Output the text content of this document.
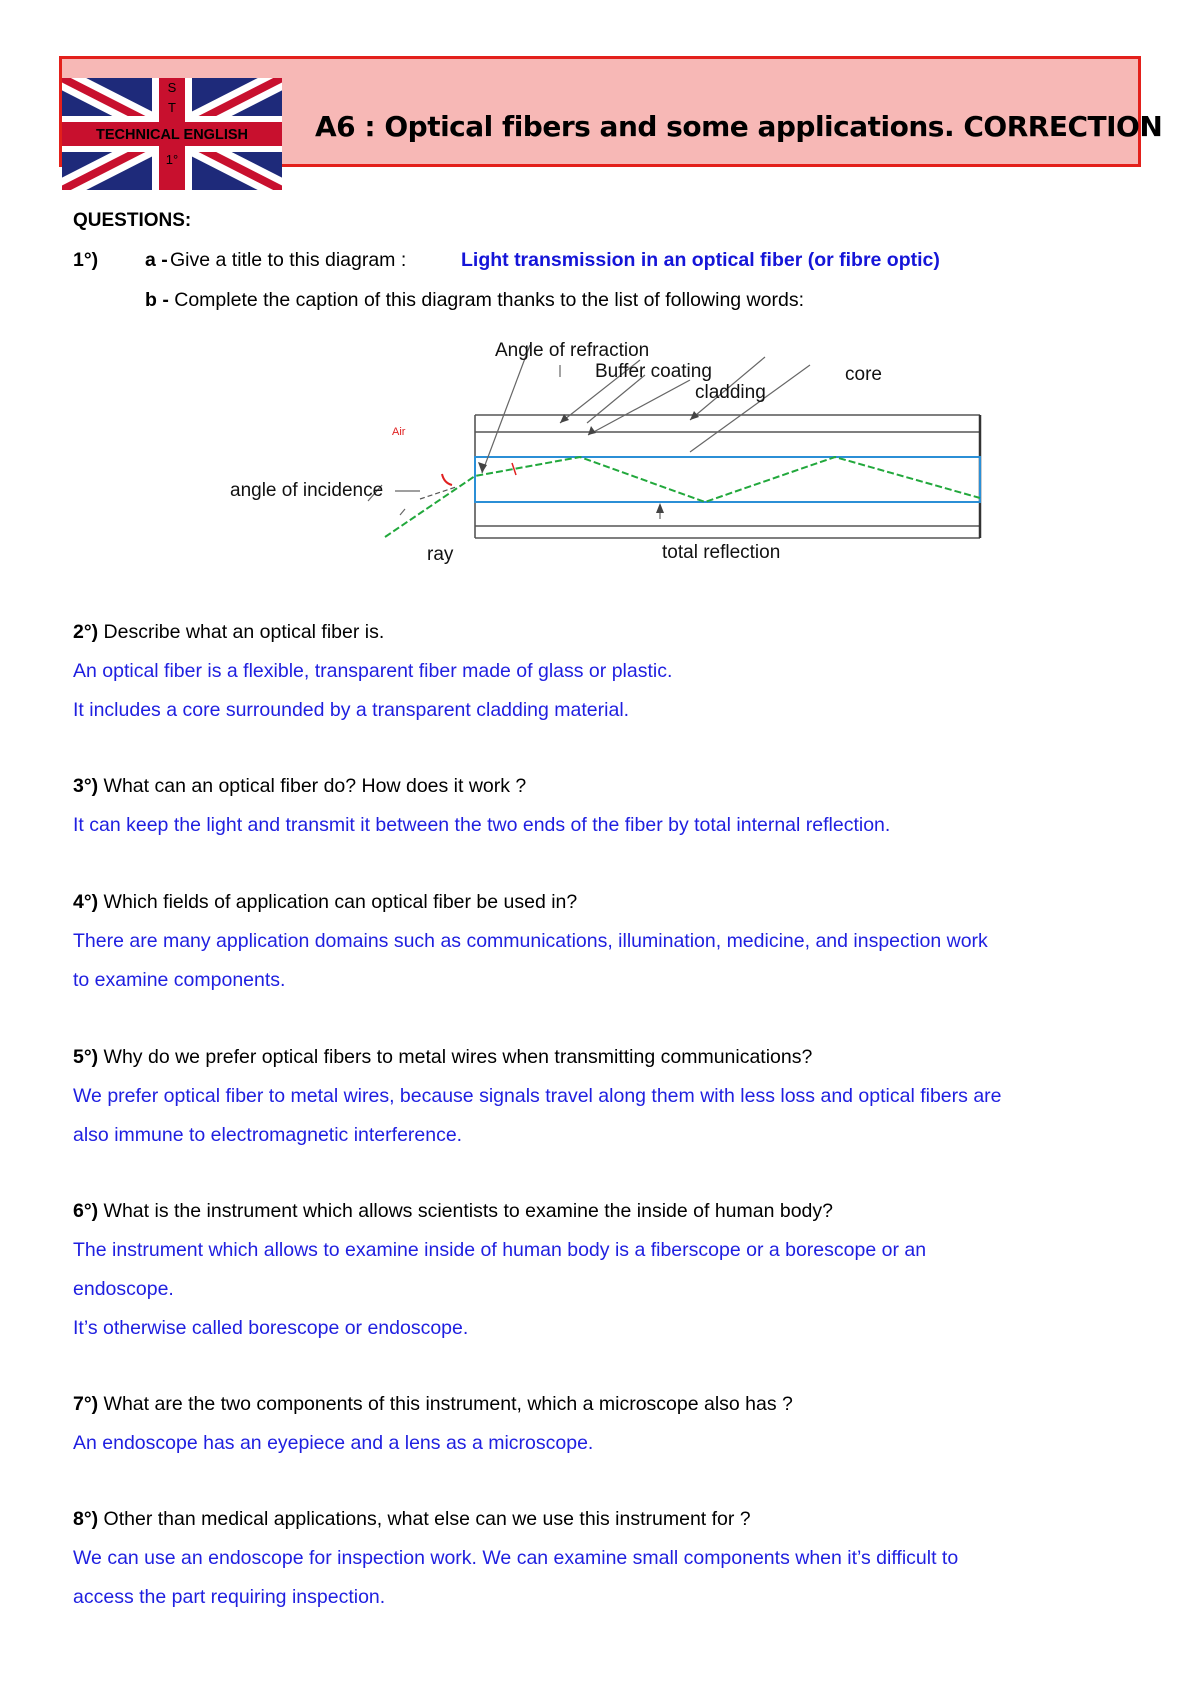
S
T
TECHNICAL ENGLISH
1°
A6 : Optical fibers and some applications. CORRECTION
QUESTIONS:
1°) a - Give a title to this diagram :	Light transmission in an optical fiber (or fibre optic)
b - Complete the caption of this diagram thanks to the list of following words:
Angle of refraction
Buffer coating
cladding
core
Air
angle of incidence
ray	total reflection
2°) Describe what an optical fiber is.
An optical fiber is a flexible, transparent fiber made of glass or plastic.
It includes a core surrounded by a transparent cladding material.
3°) What can an optical fiber do? How does it work ?
It can keep the light and transmit it between the two ends of the fiber by total internal reflection.
4°) Which fields of application can optical fiber be used in?
There are many application domains such as communications, illumination, medicine, and inspection work
to examine components.
5°) Why do we prefer optical fibers to metal wires when transmitting communications?
We prefer optical fiber to metal wires, because signals travel along them with less loss and optical fibers are
also immune to electromagnetic interference.
6°) What is the instrument which allows scientists to examine the inside of human body?
The instrument which allows to examine inside of human body is a fiberscope or a borescope or an
endoscope.
It’s otherwise called borescope or endoscope.
7°) What are the two components of this instrument, which a microscope also has ?
An endoscope has an eyepiece and a lens as a microscope.
8°) Other than medical applications, what else can we use this instrument for ?
We can use an endoscope for inspection work. We can examine small components when it’s difficult to
access the part requiring inspection.
